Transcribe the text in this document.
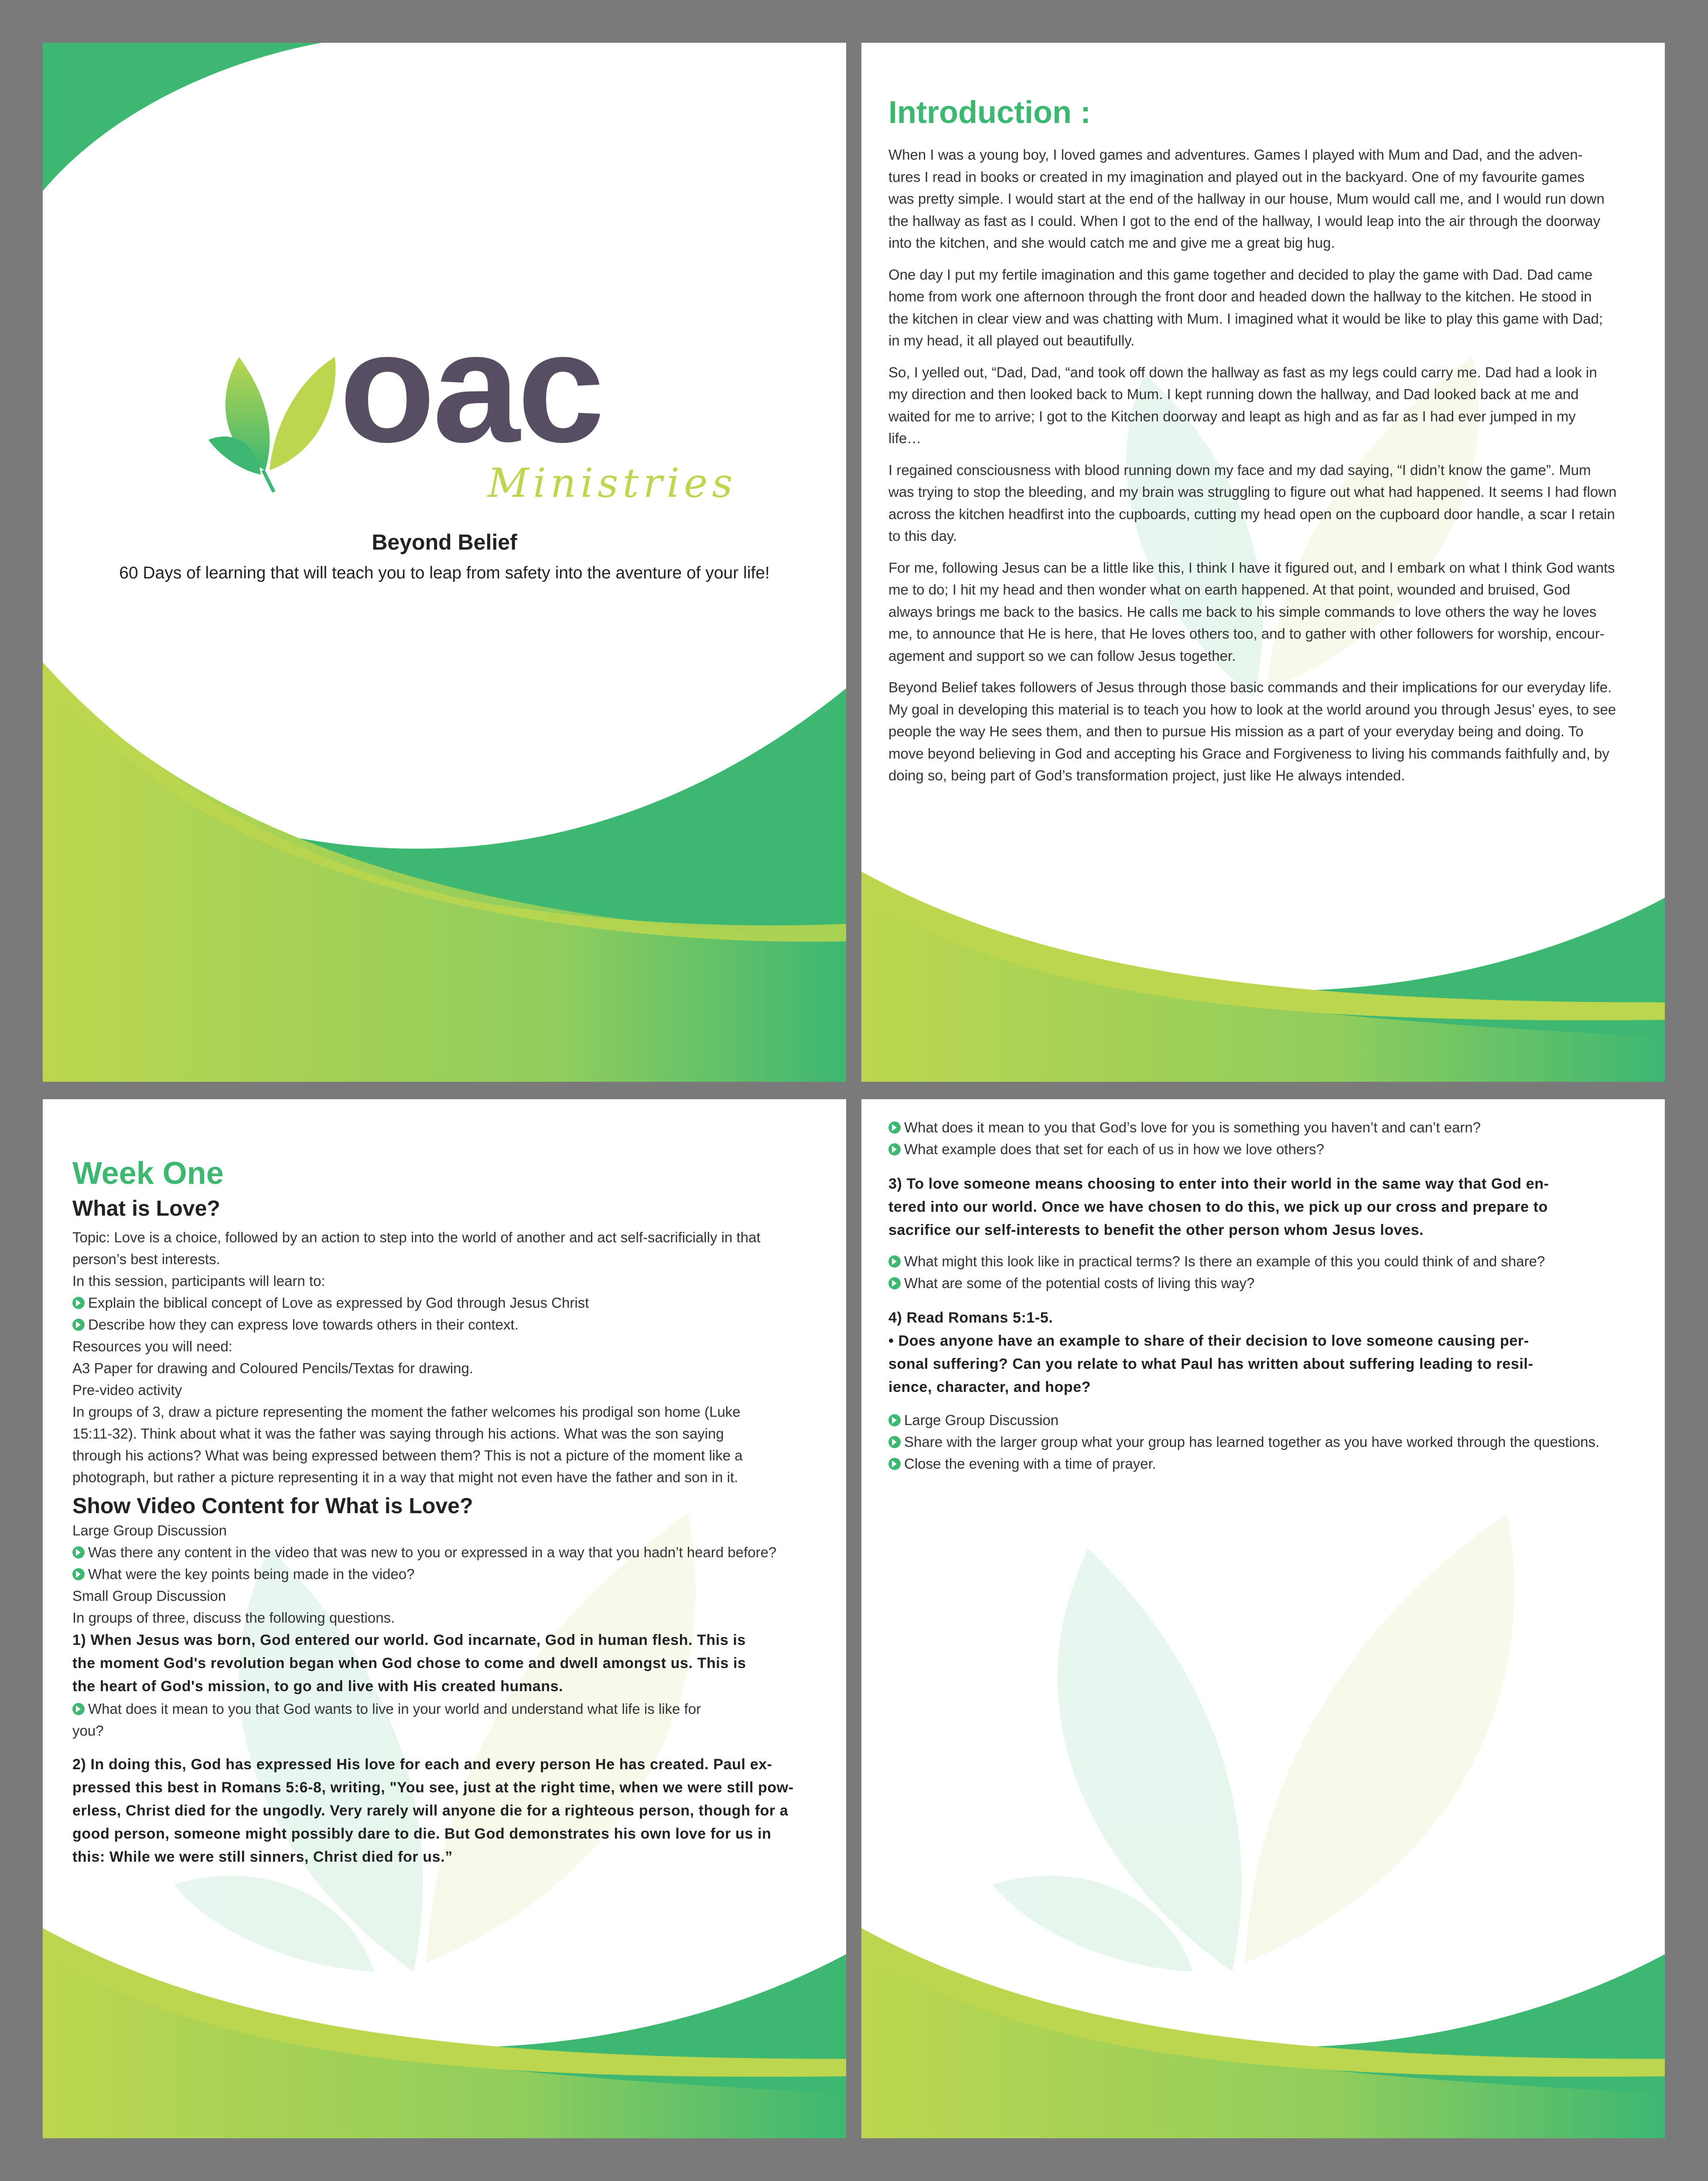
oac
Ministries
Beyond Belief
60 Days of learning that will teach you to leap from safety into the aventure of your life!
Introduction :
When I was a young boy, I loved games and adventures. Games I played with Mum and Dad, and the adven-
tures I read in books or created in my imagination and played out in the backyard. One of my favourite games
was pretty simple. I would start at the end of the hallway in our house, Mum would call me, and I would run down
the hallway as fast as I could. When I got to the end of the hallway, I would leap into the air through the doorway
into the kitchen, and she would catch me and give me a great big hug.
One day I put my fertile imagination and this game together and decided to play the game with Dad. Dad came
home from work one afternoon through the front door and headed down the hallway to the kitchen. He stood in
the kitchen in clear view and was chatting with Mum. I imagined what it would be like to play this game with Dad;
in my head, it all played out beautifully.
So, I yelled out, “Dad, Dad, “and took off down the hallway as fast as my legs could carry me. Dad had a look in
my direction and then looked back to Mum. I kept running down the hallway, and Dad looked back at me and
waited for me to arrive; I got to the Kitchen doorway and leapt as high and as far as I had ever jumped in my
life…
I regained consciousness with blood running down my face and my dad saying, “I didn’t know the game”. Mum
was trying to stop the bleeding, and my brain was struggling to figure out what had happened. It seems I had flown
across the kitchen headfirst into the cupboards, cutting my head open on the cupboard door handle, a scar I retain
to this day.
For me, following Jesus can be a little like this, I think I have it figured out, and I embark on what I think God wants
me to do; I hit my head and then wonder what on earth happened. At that point, wounded and bruised, God
always brings me back to the basics. He calls me back to his simple commands to love others the way he loves
me, to announce that He is here, that He loves others too, and to gather with other followers for worship, encour-
agement and support so we can follow Jesus together.
Beyond Belief takes followers of Jesus through those basic commands and their implications for our everyday life.
My goal in developing this material is to teach you how to look at the world around you through Jesus’ eyes, to see
people the way He sees them, and then to pursue His mission as a part of your everyday being and doing. To
move beyond believing in God and accepting his Grace and Forgiveness to living his commands faithfully and, by
doing so, being part of God’s transformation project, just like He always intended.
Week One
What is Love?
Topic: Love is a choice, followed by an action to step into the world of another and act self-sacrificially in that
person’s best interests.
In this session, participants will learn to:
Explain the biblical concept of Love as expressed by God through Jesus Christ
Describe how they can express love towards others in their context.
Resources you will need:
A3 Paper for drawing and Coloured Pencils/Textas for drawing.
Pre-video activity
In groups of 3, draw a picture representing the moment the father welcomes his prodigal son home (Luke
15:11-32). Think about what it was the father was saying through his actions. What was the son saying
through his actions? What was being expressed between them? This is not a picture of the moment like a
photograph, but rather a picture representing it in a way that might not even have the father and son in it.
Show Video Content for What is Love?
Large Group Discussion
Was there any content in the video that was new to you or expressed in a way that you hadn’t heard before?
What were the key points being made in the video?
Small Group Discussion
In groups of three, discuss the following questions.
1) When Jesus was born, God entered our world. God incarnate, God in human flesh. This is
the moment God's revolution began when God chose to come and dwell amongst us. This is
the heart of God's mission, to go and live with His created humans.
What does it mean to you that God wants to live in your world and understand what life is like for
you?
2) In doing this, God has expressed His love for each and every person He has created. Paul ex-
pressed this best in Romans 5:6-8, writing, "You see, just at the right time, when we were still pow-
erless, Christ died for the ungodly. Very rarely will anyone die for a righteous person, though for a
good person, someone might possibly dare to die. But God demonstrates his own love for us in
this: While we were still sinners, Christ died for us.”
What does it mean to you that God’s love for you is something you haven’t and can’t earn?
What example does that set for each of us in how we love others?
3) To love someone means choosing to enter into their world in the same way that God en-
tered into our world. Once we have chosen to do this, we pick up our cross and prepare to
sacrifice our self-interests to benefit the other person whom Jesus loves.
What might this look like in practical terms? Is there an example of this you could think of and share?
What are some of the potential costs of living this way?
4) Read Romans 5:1-5.
• Does anyone have an example to share of their decision to love someone causing per-
sonal suffering? Can you relate to what Paul has written about suffering leading to resil-
ience, character, and hope?
Large Group Discussion
Share with the larger group what your group has learned together as you have worked through the questions.
Close the evening with a time of prayer.
